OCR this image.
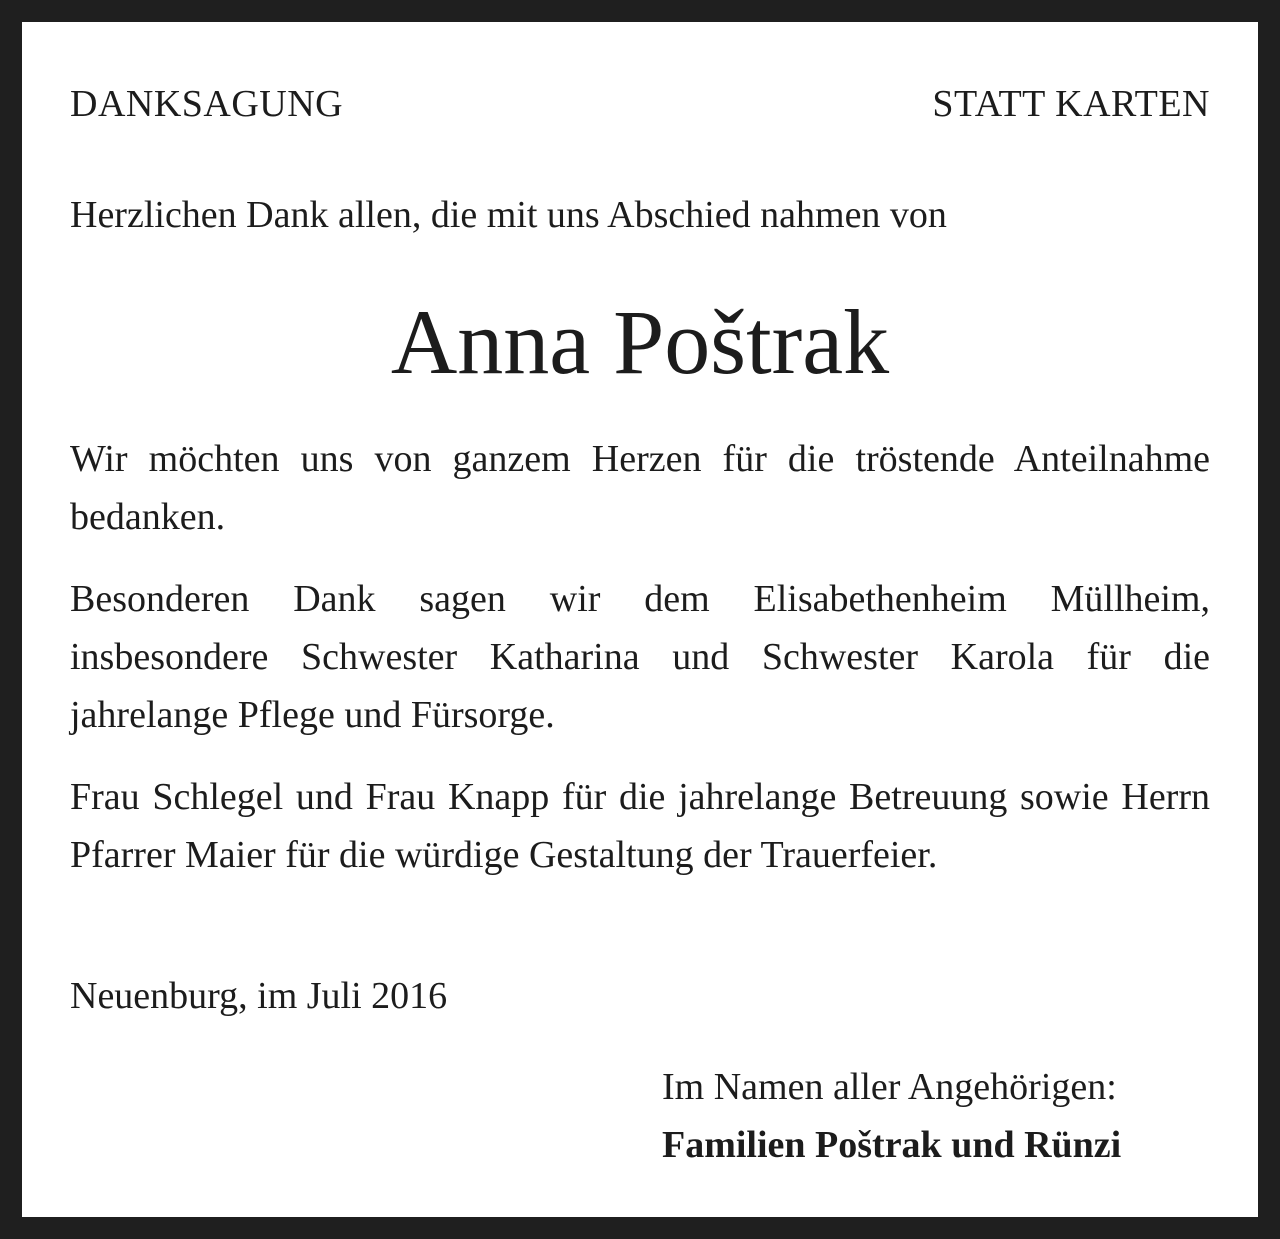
DANKSAGUNG	STATT KARTEN
Herzlichen Dank allen, die mit uns Abschied nahmen von
Anna Poštrak

Wir möchten uns von ganzem Herzen für die tröstende Anteilnahme bedanken.

Besonderen Dank sagen wir dem Elisabethenheim Müllheim, insbesondere Schwester Katharina und Schwester Karola für die jahrelange Pflege und Fürsorge.

Frau Schlegel und Frau Knapp für die jahrelange Betreuung sowie Herrn Pfarrer Maier für die würdige Gestaltung der Trauerfeier.

Neuenburg, im Juli 2016
Im Namen aller Angehörigen:
Familien Poštrak und Rünzi
